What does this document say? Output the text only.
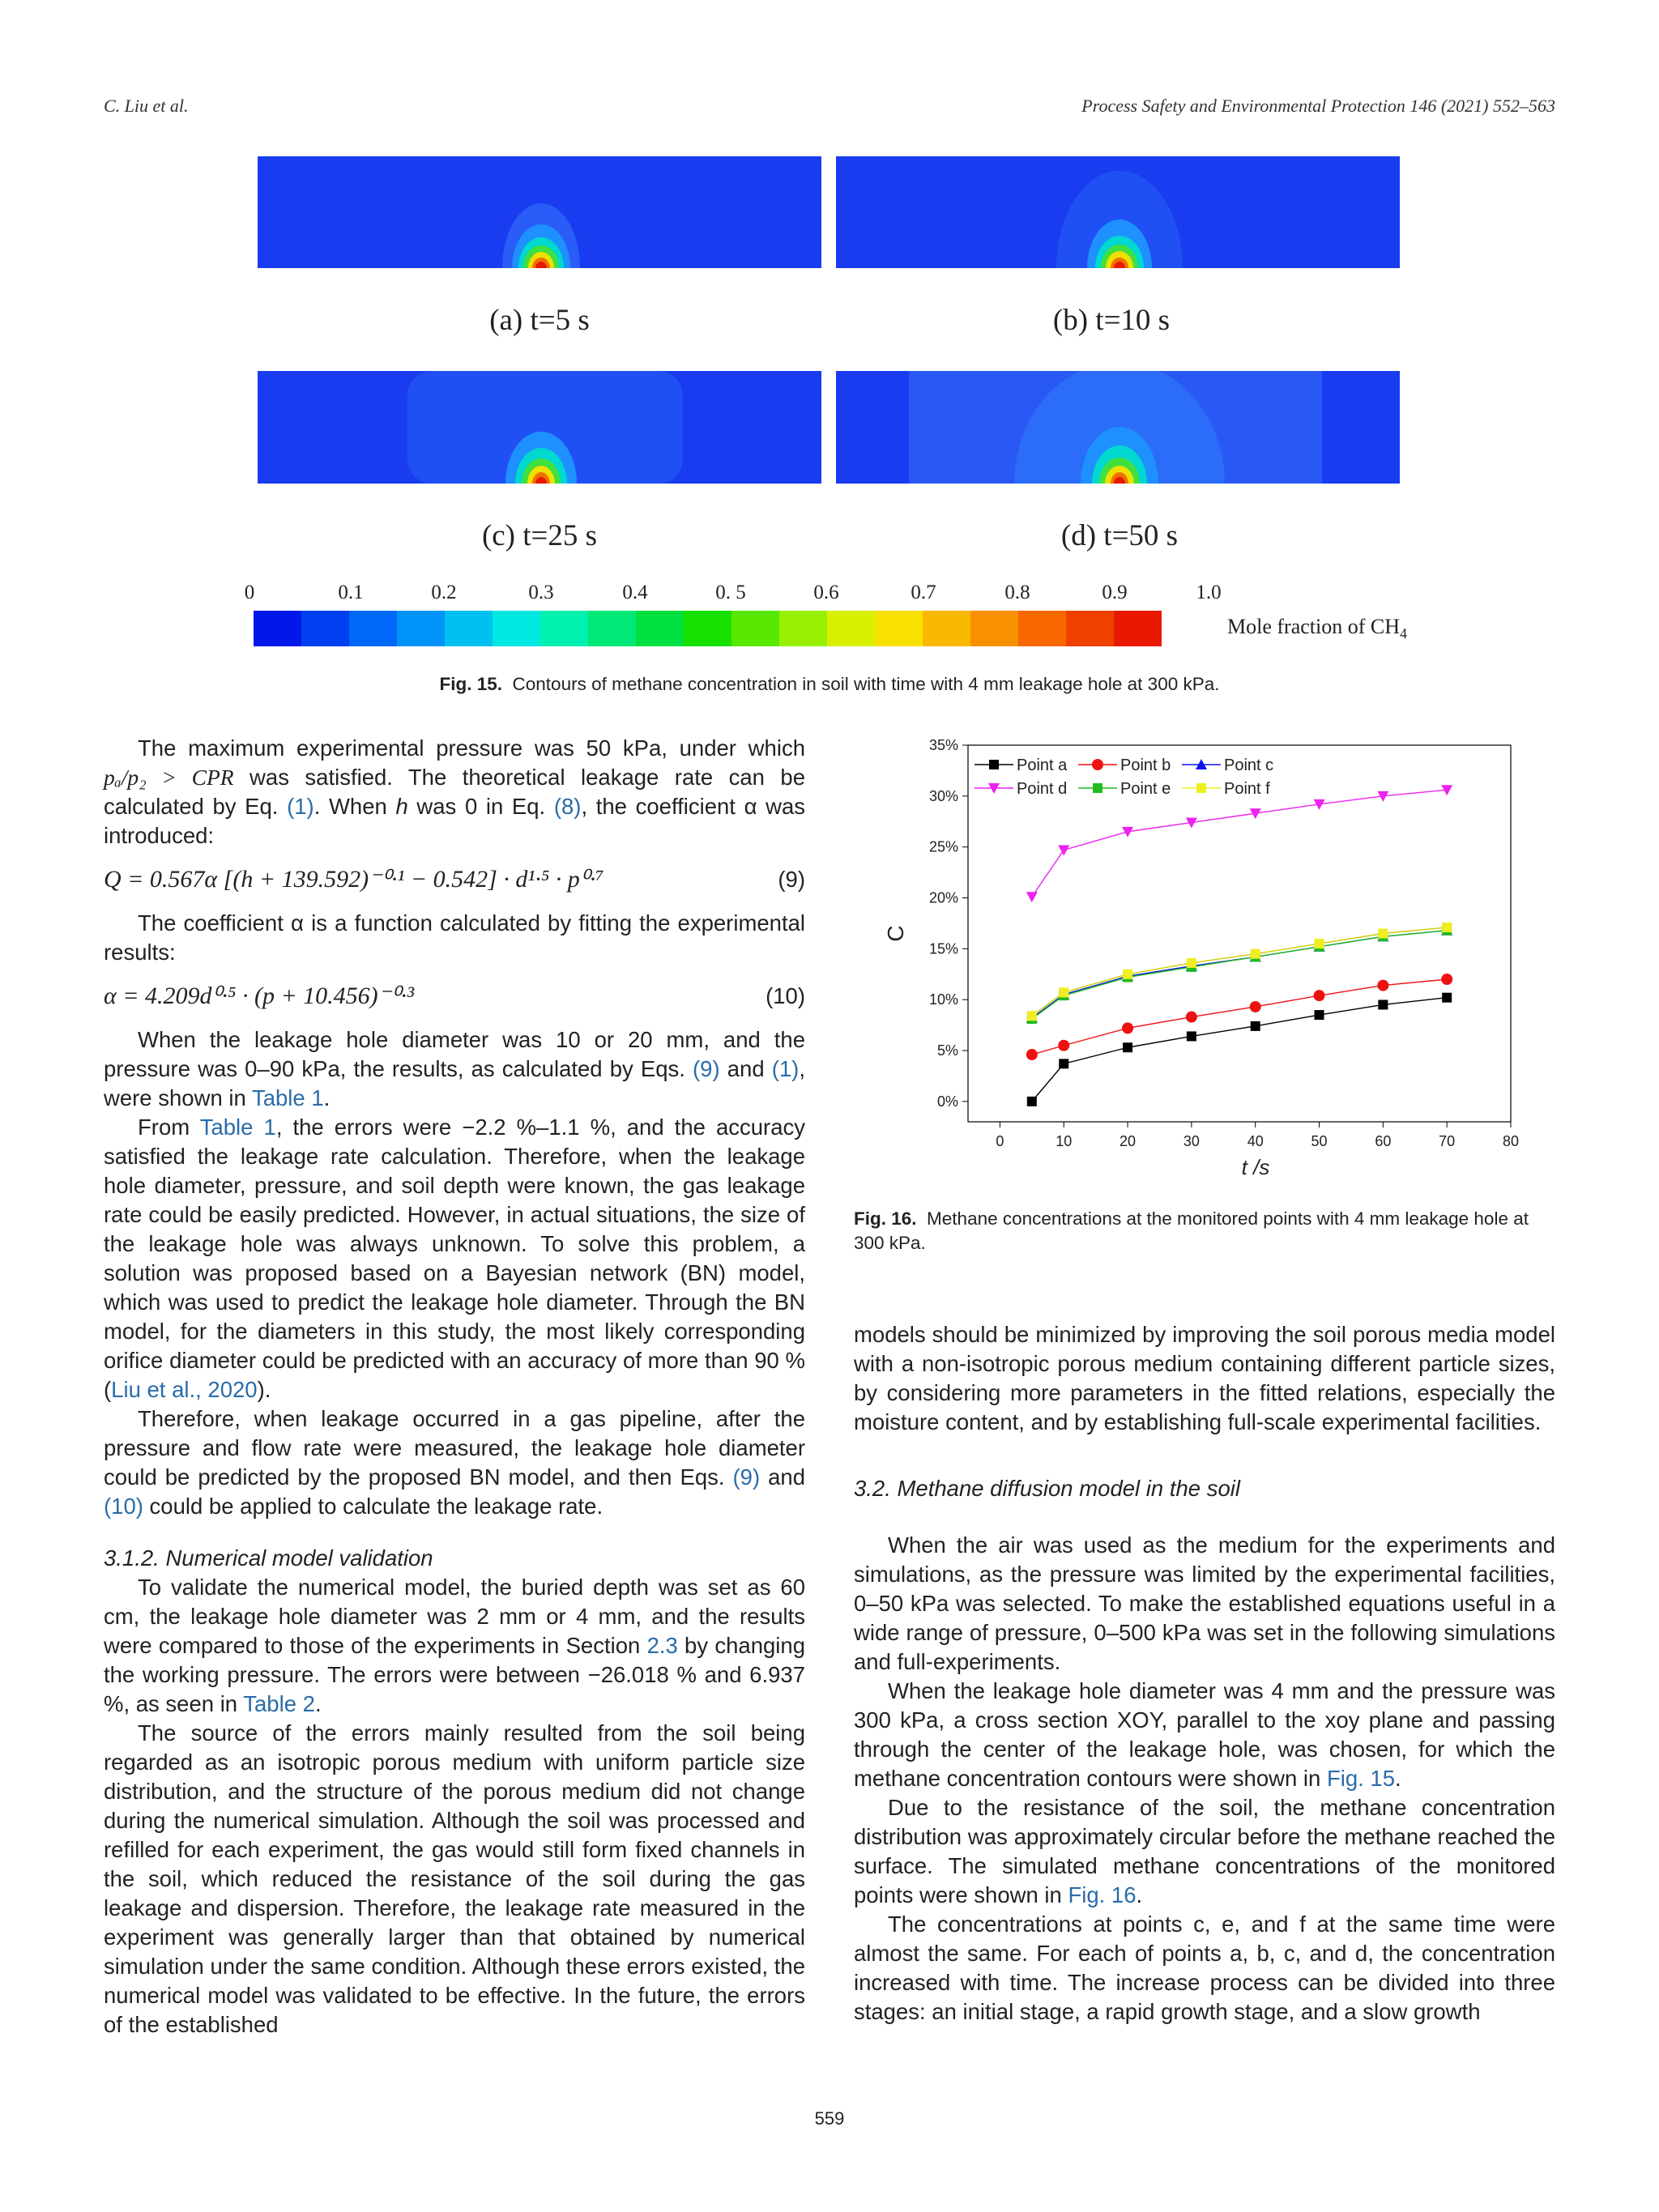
C. Liu et al.	Process Safety and Environmental Protection 146 (2021) 552–563
(a) t=5 s	(b) t=10 s
(c) t=25 s	(d) t=50 s
0	0.1	0.2	0.3	0.4	0. 5	0.6	0.7	0.8	0.9	1.0
Mole fraction of $CH_4$
Fig. 15. Contours of methane concentration in soil with time with 4 mm leakage hole at 300 kPa.

The maximum experimental pressure was 50 kPa, under which pₐ/p₂ > CPR was satisfied. The theoretical leakage rate can be calculated by Eq. (1). When h was 0 in Eq. (8), the coefficient α was introduced:

Q = 0.567α [(h + 139.592)⁻⁰·¹ − 0.542] · d¹·⁵ · p⁰·⁷	(9)

The coefficient α is a function calculated by fitting the experimental results:

α = 4.209d⁰·⁵ · (p + 10.456)⁻⁰·³	(10)

When the leakage hole diameter was 10 or 20 mm, and the pressure was 0–90 kPa, the results, as calculated by Eqs. (9) and (1), were shown in Table 1.

From Table 1, the errors were −2.2 %–1.1 %, and the accuracy satisfied the leakage rate calculation. Therefore, when the leakage hole diameter, pressure, and soil depth were known, the gas leakage rate could be easily predicted. However, in actual situations, the size of the leakage hole was always unknown. To solve this problem, a solution was proposed based on a Bayesian network (BN) model, which was used to predict the leakage hole diameter. Through the BN model, for the diameters in this study, the most likely corresponding orifice diameter could be predicted with an accuracy of more than 90 % (Liu et al., 2020).

Therefore, when leakage occurred in a gas pipeline, after the pressure and flow rate were measured, the leakage hole diameter could be predicted by the proposed BN model, and then Eqs. (9) and (10) could be applied to calculate the leakage rate.

3.1.2. Numerical model validation

To validate the numerical model, the buried depth was set as 60 cm, the leakage hole diameter was 2 mm or 4 mm, and the results were compared to those of the experiments in Section 2.3 by changing the working pressure. The errors were between −26.018 % and 6.937 %, as seen in Table 2.

The source of the errors mainly resulted from the soil being regarded as an isotropic porous medium with uniform particle size distribution, and the structure of the porous medium did not change during the numerical simulation. Although the soil was processed and refilled for each experiment, the gas would still form fixed channels in the soil, which reduced the resistance of the soil during the gas leakage and dispersion. Therefore, the leakage rate measured in the experiment was generally larger than that obtained by numerical simulation under the same condition. Although these errors existed, the numerical model was validated to be effective. In the future, the errors of the established

0	10	20	30	40	50	60	70	80
0%
5%
10%
15%
20%
25%
30%
35%
t /s
C
Point a	Point b	Point c
Point d	Point e	Point f
Fig. 16. Methane concentrations at the monitored points with 4 mm leakage hole at 300 kPa.

models should be minimized by improving the soil porous media model with a non-isotropic porous medium containing different particle sizes, by considering more parameters in the fitted relations, especially the moisture content, and by establishing full-scale experimental facilities.

3.2. Methane diffusion model in the soil

When the air was used as the medium for the experiments and simulations, as the pressure was limited by the experimental facilities, 0–50 kPa was selected. To make the established equations useful in a wide range of pressure, 0–500 kPa was set in the following simulations and full-experiments.

When the leakage hole diameter was 4 mm and the pressure was 300 kPa, a cross section XOY, parallel to the xoy plane and passing through the center of the leakage hole, was chosen, for which the methane concentration contours were shown in Fig. 15.

Due to the resistance of the soil, the methane concentration distribution was approximately circular before the methane reached the surface. The simulated methane concentrations of the monitored points were shown in Fig. 16.

The concentrations at points c, e, and f at the same time were almost the same. For each of points a, b, c, and d, the concentration increased with time. The increase process can be divided into three stages: an initial stage, a rapid growth stage, and a slow growth

559
